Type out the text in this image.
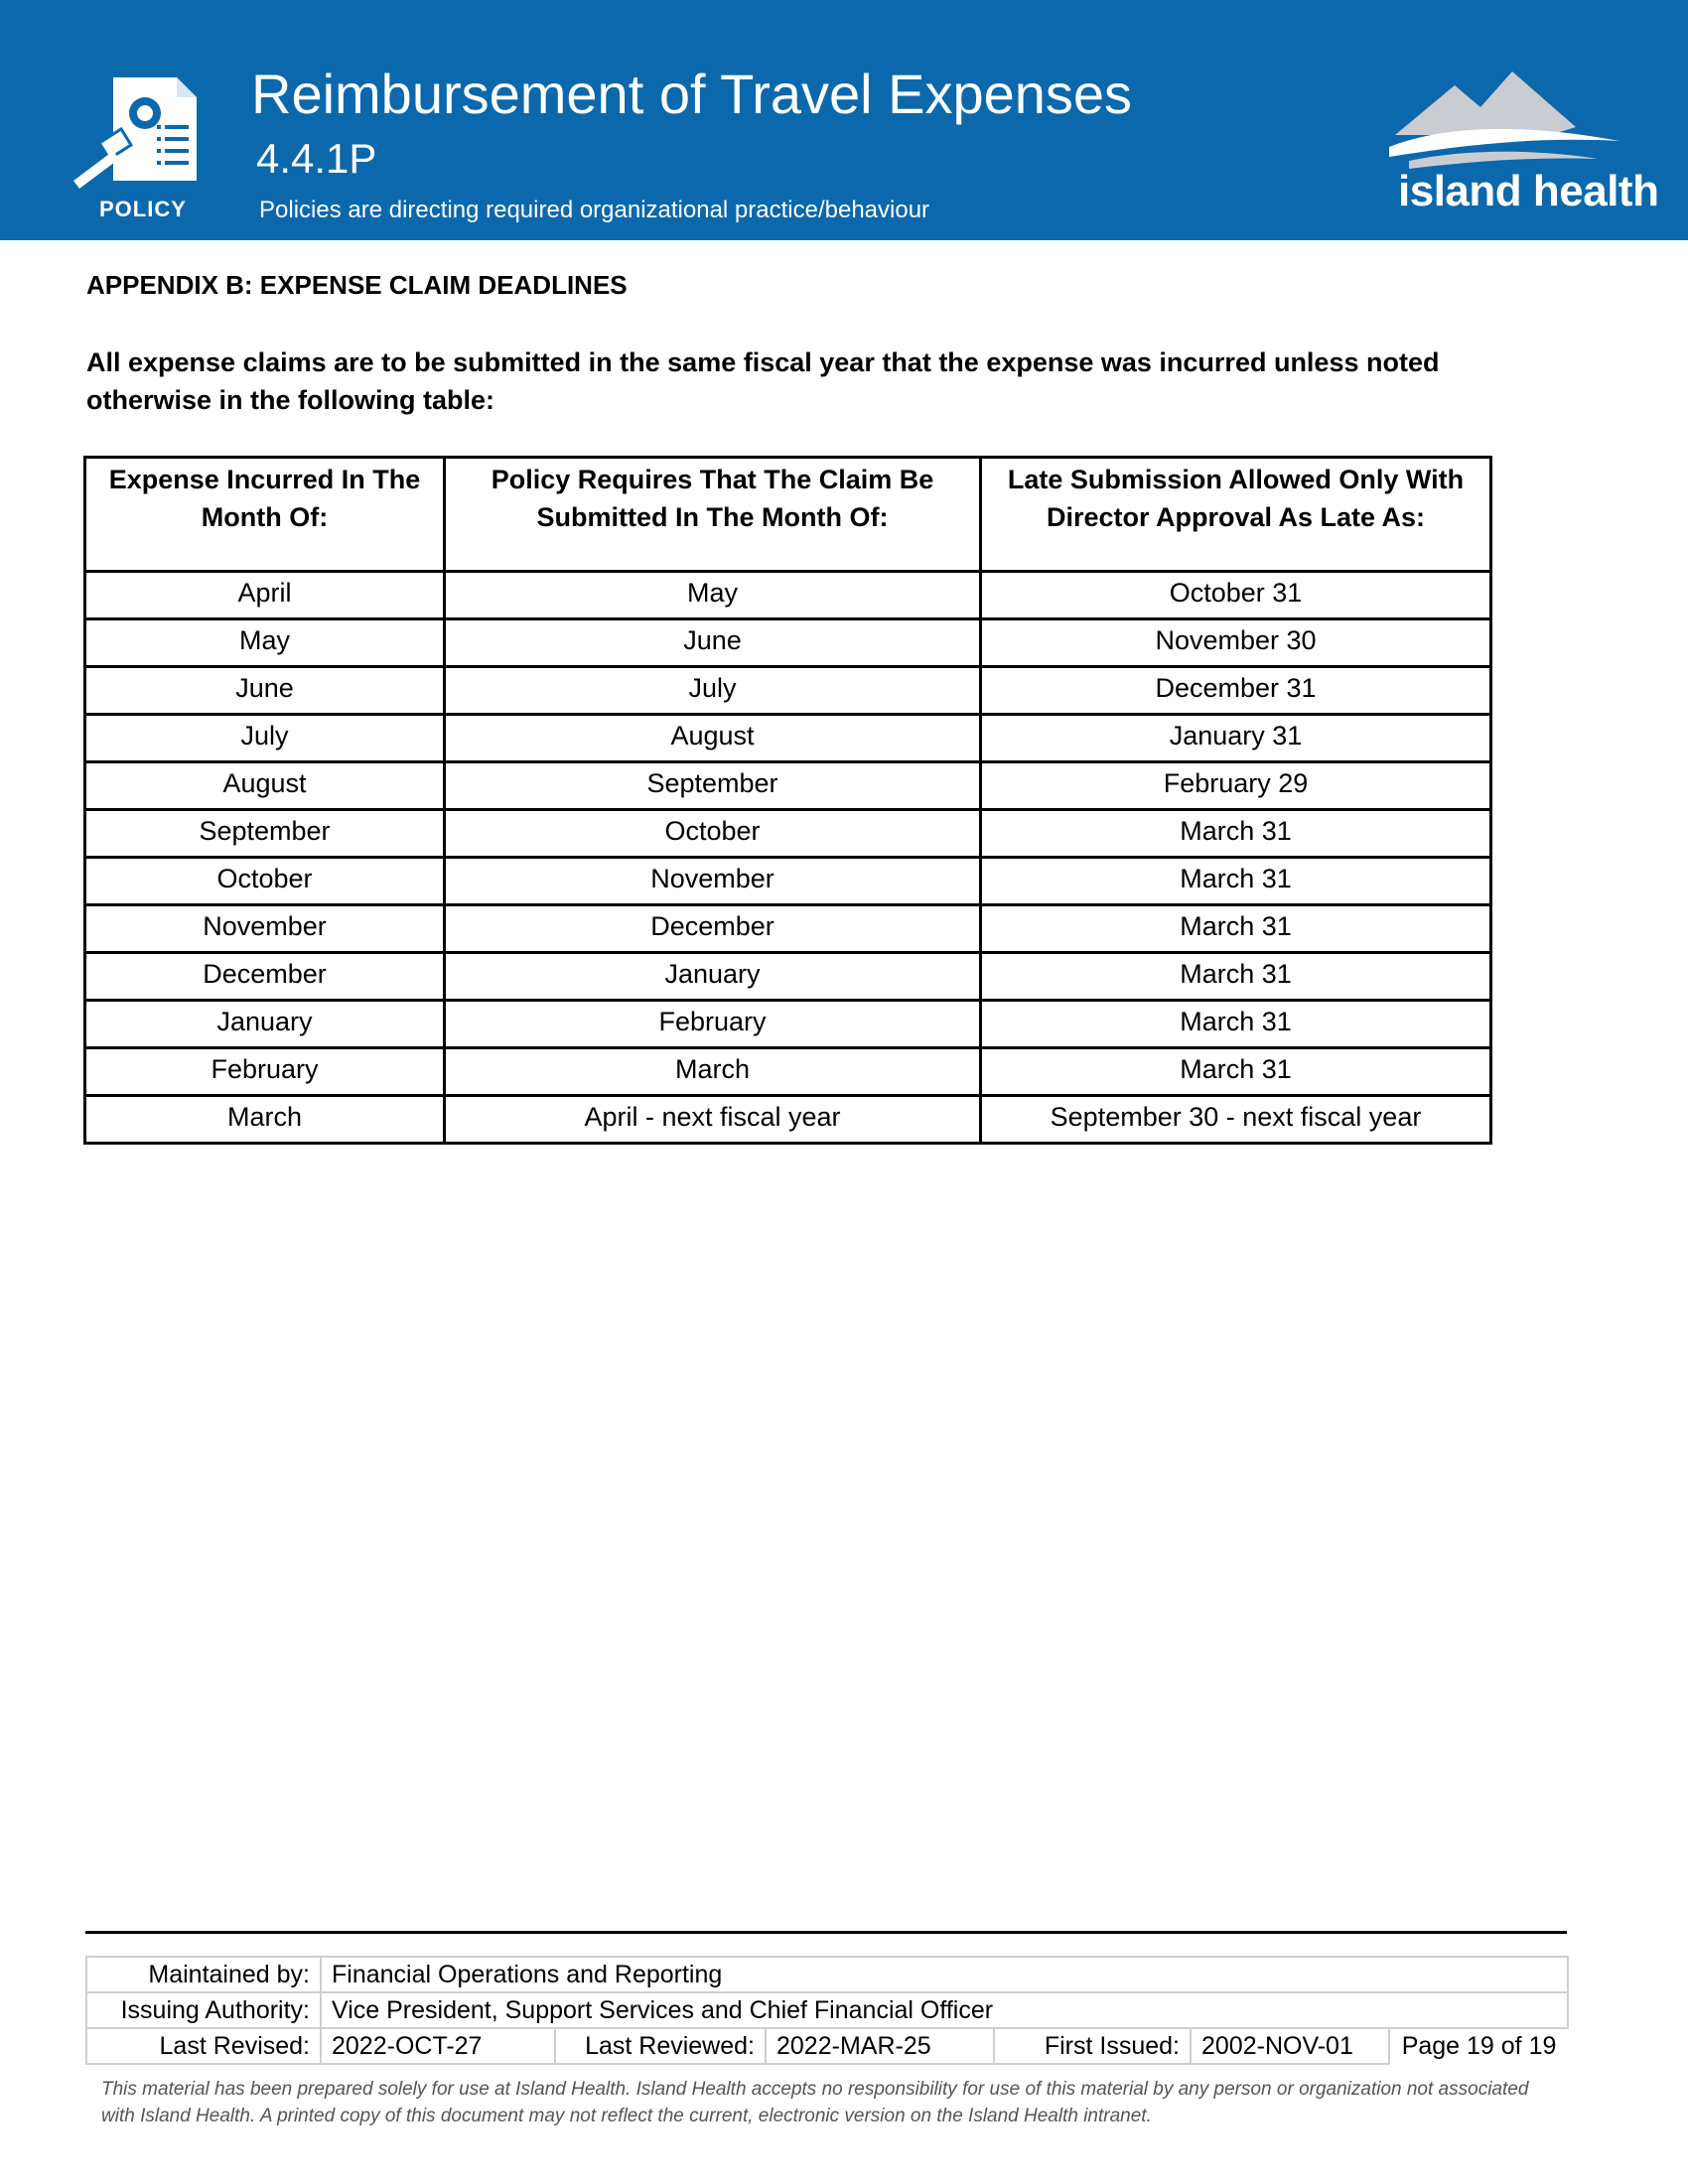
POLICY
Reimbursement of Travel Expenses
4.4.1P
Policies are directing required organizational practice/behaviour	island health
APPENDIX B: EXPENSE CLAIM DEADLINES
All expense claims are to be submitted in the same fiscal year that the expense was incurred unless noted otherwise in the following table:
Expense Incurred In The Month Of:	Policy Requires That The Claim Be Submitted In The Month Of:	Late Submission Allowed Only With Director Approval As Late As:
April	May	October 31
May	June	November 30
June	July	December 31
July	August	January 31
August	September	February 29
September	October	March 31
October	November	March 31
November	December	March 31
December	January	March 31
January	February	March 31
February	March	March 31
March	April - next fiscal year	September 30 - next fiscal year
Maintained by:	Financial Operations and Reporting					
Issuing Authority:	Vice President, Support Services and Chief Financial Officer					
Last Revised:	2022-OCT-27	Last Reviewed:	2022-MAR-25	First Issued:	2002-NOV-01	Page 19 of 19
This material has been prepared solely for use at Island Health. Island Health accepts no responsibility for use of this material by any person or organization not associated with Island Health. A printed copy of this document may not reflect the current, electronic version on the Island Health intranet.
